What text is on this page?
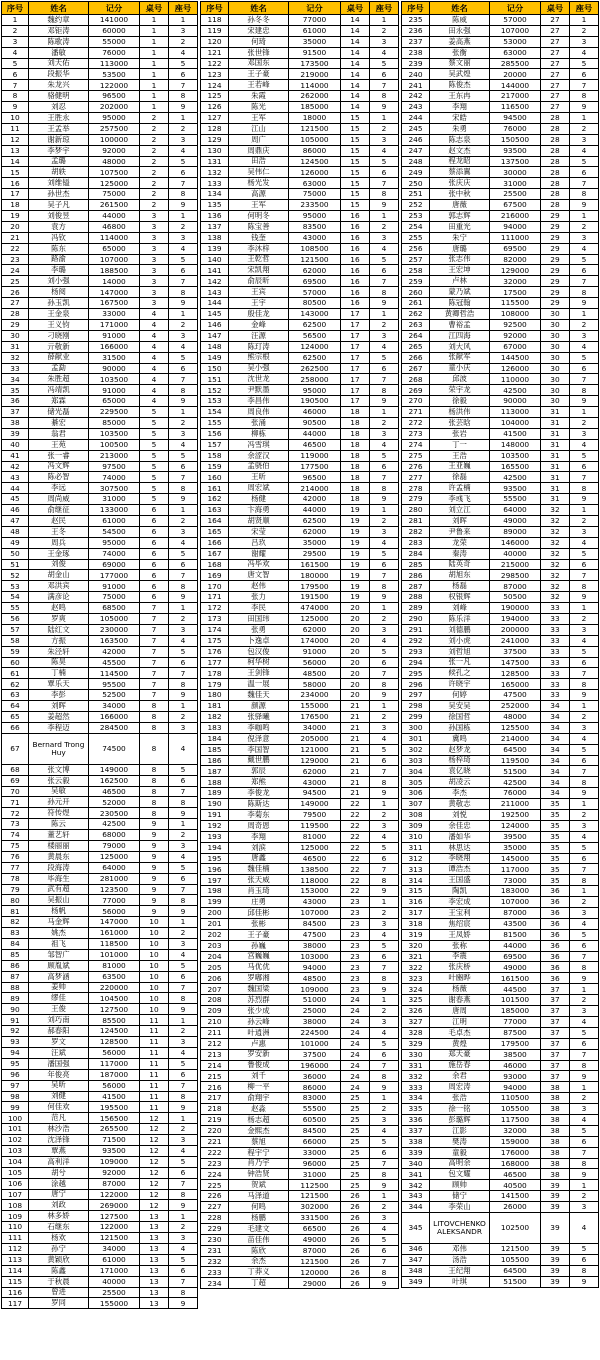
序号	姓名	记分	桌号	座号
1	魏约章	141000	1	1
2	邓钜涛	60000	1	3
3	陈歌涛	55000	1	2
4	潘敏	76000	1	4
5	刘天佑	113000	1	5
6	段振华	53500	1	6
7	朱龙兴	122000	1	7
8	骆健明	96500	1	8
9	刘忍	202000	1	9
10	王胜永	95000	2	1
11	王孟举	257500	2	2
12	谢新琼	100000	2	3
13	李梦宇	92000	2	4
14	孟璐	48000	2	5
15	胡轶	107500	2	6
16	刘维镒	125000	2	7
17	孙世杰	75000	2	8
18	吴子凡	261500	2	9
19	刘俊昱	44000	3	1
20	袁方	46800	3	2
21	冯钦	114000	3	3
22	陈东	65000	3	4
23	路渝	107000	3	5
24	李璐	188500	3	6
25	刘小强	14000	3	7
26	杨阅	147000	3	8
27	孙玉凯	167500	3	9
28	王金泉	33000	4	1
29	王义钧	171000	4	2
30	刁晓刚	91000	4	3
31	亓敬新	166000	4	4
32	薛献业	31500	4	5
33	孟勐	90000	4	6
34	朱胜超	103500	4	7
35	冯靖凯	91000	4	8
36	郑霖	65000	4	9
37	储光磊	229500	5	1
38	綦宏	85000	5	2
39	翁君	103500	5	3
40	王苑	100500	5	4
41	张一睿	213000	5	5
42	冯文辉	97500	5	6
43	陈必智	74000	5	7
44	李远	307500	5	8
45	周尚威	31000	5	9
46	俞继征	133000	6	1
47	赵民	61000	6	2
48	王冬	54500	6	3
49	周兵	95000	6	4
50	王金琢	74000	6	5
51	刘俊	69000	6	6
52	胡金山	177000	6	7
53	邓洪宾	91000	6	8
54	满彦论	75000	6	9
55	赵鸣	68500	7	1
56	罗爽	105000	7	2
57	陆红文	230000	7	3
58	方振	163500	7	4
59	朱泾轩	42000	7	5
60	陈昊	45500	7	6
61	丁楠	114500	7	7
62	覃乐天	95500	7	8
63	李彭	52500	7	9
64	刘晖	34000	8	1
65	姜超然	166000	8	2
66	李程迈	284500	8	3
67	Bernard Trong Huy	74500	8	4
68	张文博	149000	8	5
69	张云毅	162500	8	6
70	吴敏	46500	8	7
71	孙元开	52000	8	8
72	符传煜	230500	8	9
73	陈云	42500	9	1
74	董艺轩	68000	9	2
75	楼丽丽	79000	9	3
76	黄晨东	125000	9	4
77	段海涛	64000	9	5
78	毕海生	281000	9	6
79	武有超	123500	9	7
80	吴振山	77000	9	8
81	杨帆	56000	9	9
82	马金辉	147000	10	1
83	姚杰	161000	10	2
84	祖飞	118500	10	3
85	邹智广	101000	10	4
86	顾胤斌	81000	10	5
87	高梦涵	63500	10	6
88	姜帅	220000	10	7
89	缪佳	104500	10	8
90	王俊	127500	10	9
91	刘巧南	85500	11	1
92	郝春阳	124500	11	2
93	罗文	128500	11	3
94	汪斌	56000	11	4
95	潘国强	117000	11	5
96	年俊亮	187000	11	6
97	吴昕	56000	11	7
98	刘健	41500	11	8
99	何佳欢	195500	11	9
100	范凡	156500	12	1
101	林沙浩	265500	12	2
102	沈泽锋	71500	12	3
103	覃燕	93500	12	4
104	高利洋	109000	12	5
105	胡兮	92000	12	6
106	涂越	87000	12	7
107	唐宁	122000	12	8
108	刘政	269000	12	9
109	林多娇	127500	13	1
110	石继东	122000	13	2
111	杨欢	121500	13	3
112	孙宁	34000	13	4
113	黄颖欣	61000	13	5
114	陈鑫	171000	13	6
115	于秋晨	40000	13	7
116	曾进	25500	13	8
117	罗同	155000	13	9
序号	姓名	记分	桌号	座号
118	孙冬冬	77000	14	1
119	宋建忠	61000	14	2
120	何琦	35000	14	3
121	张世锋	91500	14	4
122	邓国东	173500	14	5
123	王子豪	219000	14	6
124	王若峰	114000	14	7
125	朱霞	262000	14	8
126	陈光	185000	14	9
127	王军	18000	15	1
128	江山	121500	15	2
129	周广	105000	15	3
130	周鼎庆	86000	15	4
131	田浩	124500	15	5
132	吴伟仁	126000	15	6
133	杨光发	63000	15	7
134	高源	75000	15	8
135	王军	233500	15	9
136	何明冬	95000	16	1
137	陈宝善	83500	16	2
138	钱奎	43000	16	3
139	李沐梓	108500	16	4
140	王乾哲	121500	16	5
141	宋凯翔	62000	16	6
142	俞辰昕	69500	16	7
143	王宾	57000	16	8
144	王宇	80500	16	9
145	殷佳龙	143000	17	1
146	金峰	62500	17	2
147	汪源	56500	17	3
148	陈玎涛	124000	17	4
149	熊宗根	62500	17	5
150	吴小强	262500	17	6
151	沈世龙	258000	17	7
152	尹默墨	95000	17	8
153	李昌伟	190500	17	9
154	周良伟	46000	18	1
155	张涌	90500	18	2
156	柳栋	44000	18	3
157	冯雪琪	46500	18	4
158	余涩汉	119000	18	5
159	孟骁伯	177500	18	6
160	王昕	96500	18	7
161	周宏斌	214000	18	8
162	杨健	42000	18	9
163	卞海勇	44000	19	1
164	胡贤顺	62500	19	2
165	宋莹	62000	19	3
166	吕玖	35000	19	4
167	谢耀	29500	19	5
168	冯毕欢	161500	19	6
169	唐文智	180000	19	7
170	赵伟	179500	19	8
171	张力	191500	19	9
172	李民	474000	20	1
173	田国玮	125000	20	2
174	张勇	62000	20	3
175	卜逸卓	174000	20	4
176	包汉俊	91000	20	5
177	柯华树	56000	20	6
178	王剑锋	48500	20	7
179	温一展	58000	20	8
180	魏佳天	234000	20	9
181	颜源	155000	21	1
182	张驿曦	176500	21	2
183	李咖鸣	34000	21	3
184	倪泽意	205000	21	4
185	李国智	121000	21	5
186	戴世鹏	129000	21	6
187	郭辰	62000	21	7
188	郑熊	43000	21	8
189	李俊龙	94500	21	9
190	陈斯达	149000	22	1
191	李菊东	79500	22	2
192	周奇恩	119500	22	3
193	李翔	81000	22	4
194	刘滨	125000	22	5
195	唐鑫	46500	22	6
196	魏佳楠	138500	22	7
197	张天威	118000	22	8
198	肖玉琦	153000	22	9
199	庄勇	43000	23	1
200	邱佳彬	107000	23	2
201	张彬	84500	23	3
202	王子豪	47500	23	4
203	孙巍	38000	23	5
204	宫巍巍	103000	23	6
205	马优优	94000	23	7
206	罗嘟湘	48500	23	8
207	魏国梁	109000	23	9
208	苏烈群	51000	24	1
209	张少成	25000	24	2
210	孙云峰	38000	24	3
211	叶逍洲	224500	24	4
212	卢惠	101000	24	5
213	罗安新	37500	24	6
214	鲁俊成	196000	24	7
215	刘千	36000	24	8
216	柳一平	86000	24	9
217	俞翔宇	83000	25	1
218	赵淼	55500	25	2
219	杨志超	60500	25	3
220	金熙杰	84500	25	4
221	蔡旭	66000	25	5
222	程宇宁	33000	25	6
223	肖乃宇	96000	25	7
224	钟浩贤	31000	25	8
225	贺斌	112500	25	9
226	马泽道	121500	26	1
227	何鸣	302000	26	2
228	杨鹏	331500	26	3
229	毛建文	66500	26	4
230	苗佳伟	49000	26	5
231	陈欣	87000	26	6
232	余杰	121500	26	7
233	丁莽义	120000	26	8
234	丁超	29000	26	9
序号	姓名	记分	桌号	座号
235	陈威	57000	27	1
236	田永强	107000	27	2
237	姜高燕	53000	27	3
238	张衡	63000	27	4
239	蔡文丽	285500	27	5
240	吴武煌	20000	27	6
241	陈俊杰	144000	27	7
242	王东冉	217000	27	8
243	李翔	116500	27	9
244	宋皓	94500	28	1
245	朱勇	76000	28	2
246	陈志泉	150500	28	3
247	赵文杰	93500	28	4
248	程龙昭	137500	28	5
249	蔡添翼	30000	28	6
250	张庆庆	31000	28	7
251	张中秋	25500	28	8
252	唐薇	67500	28	9
253	郭志辉	216000	29	1
254	田重光	94000	29	2
255	朱宁	111000	29	3
256	唐璐	69500	29	4
257	张志伟	82000	29	5
258	王宏坤	129000	29	6
259	卢林	32000	29	7
260	蒙乃斌	17500	29	8
261	陈冠翰	115500	29	9
262	黄卿哲浩	108000	30	1
263	曹裕孟	92500	30	2
264	江四海	92000	30	3
265	刘大风	67000	30	4
266	张献军	144500	30	5
267	童小庆	126000	30	6
268	邱波	110000	30	7
269	荣宇龙	42500	30	8
270	徐毅	90000	30	9
271	杨洪伟	113000	31	1
272	张芸晗	104000	31	2
273	张岩	41500	31	3
274	丁一	148000	31	4
275	王浩	103500	31	5
276	王亚巍	165500	31	6
277	徐磊	42500	31	7
278	许孟楠	93500	31	8
279	李彧飞	55500	31	9
280	刘立江	64000	32	1
281	刘晖	49000	32	2
282	尹鲁来	89000	32	3
283	龙荣	146000	32	4
284	秦涛	40000	32	5
285	陆英奇	215000	32	6
286	胡旭东	298500	32	7
287	杨磊	87000	32	8
288	权银辉	50500	32	9
289	刘峰	190000	33	1
290	陈乐洋	194000	33	2
291	刘德鹏	200000	33	3
292	刘小虎	241000	33	4
293	刘哲旭	37500	33	5
294	张一凡	147500	33	6
295	候孔之	128500	33	7
296	许晓宇	165000	33	8
297	何婷	47500	33	9
298	吴安吴	252000	34	1
299	徐国哲	48000	34	2
300	孙国栋	125500	34	3
301	冀鸣	214000	34	4
302	赵梦龙	64500	34	5
303	杨梓琦	119500	34	6
304	袁亿晓	51500	34	7
305	胡凌云	42500	34	8
306	李杰	76000	34	9
307	黄敬志	211000	35	1
308	刘悦	192500	35	2
309	余佳忠	124000	35	3
310	潘如华	39500	35	4
311	林思达	35000	35	5
312	李晓翔	145000	35	6
313	谭浩杰	117000	35	7
314	王国盛	73000	35	8
315	陶凯	183000	36	1
316	李宏成	107000	36	2
317	王宝利	87000	36	3
318	焦绍宸	43500	36	4
319	王凤娇	81500	36	5
320	张称	44000	36	6
321	李震	69500	36	7
322	张庆桥	49000	36	8
323	叶豳晔	161500	36	9
324	杨薇	44500	37	1
325	谢春燕	101500	37	2
326	唐周	185000	37	3
327	江明	77000	37	4
328	毛卓杰	87500	37	5
329	黄煌	179500	37	6
330	郑天豪	38500	37	7
331	施岳春	46000	37	8
332	余君	93000	37	9
333	周宏涛	94000	38	1
334	张浩	110500	38	2
335	徐一铭	105500	38	3
336	彭璐辉	117500	38	4
337	江影	32000	38	5
338	樊涛	159000	38	6
339	童毅	176000	38	7
340	高明余	168000	38	8
341	包文耀	46500	38	9
342	顾帅	40500	39	1
343	储宁	141500	39	2
344	李荣山	26000	39	3
345	LITOVCHENKO ALEKSANDR	102500	39	4
346	邓伟	121500	39	5
347	汤浩	105500	39	6
348	王纪翔	64500	39	8
349	叶琪	51500	39	9
